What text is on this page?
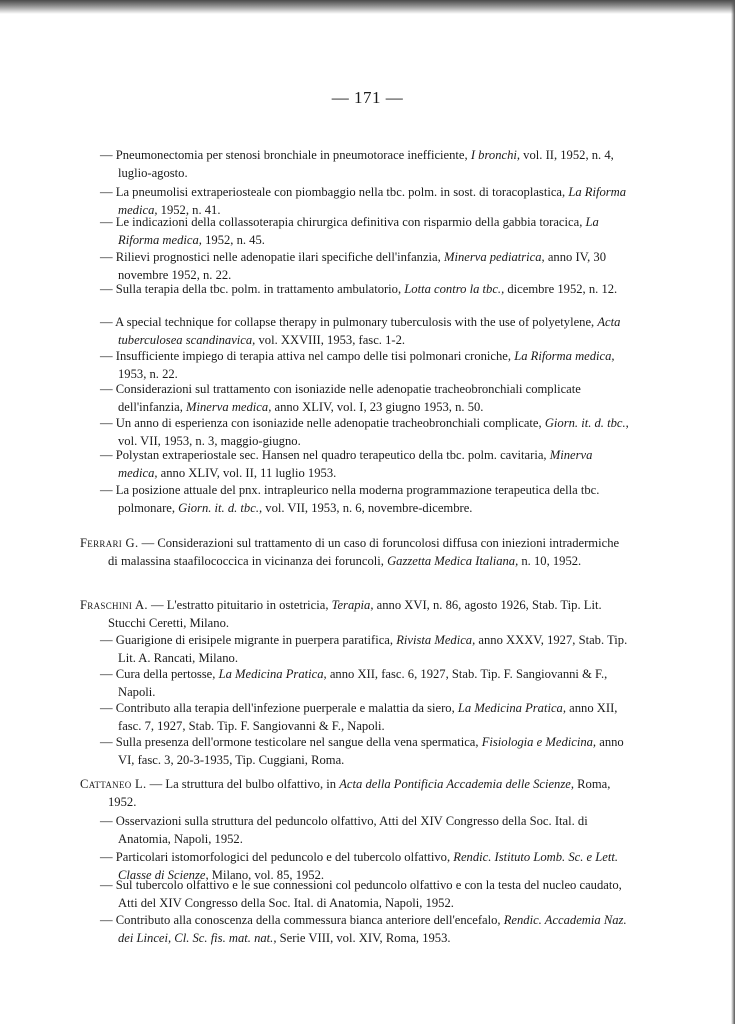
— 171 —
— Pneumonectomia per stenosi bronchiale in pneumotorace inefficiente, I bronchi, vol. II, 1952, n. 4, luglio-agosto.
— La pneumolisi extraperiosteale con piombaggio nella tbc. polm. in sost. di toracoplastica, La Riforma medica, 1952, n. 41.
— Le indicazioni della collassoterapia chirurgica definitiva con risparmio della gabbia toracica, La Riforma medica, 1952, n. 45.
— Rilievi prognostici nelle adenopatie ilari specifiche dell'infanzia, Minerva pediatrica, anno IV, 30 novembre 1952, n. 22.
— Sulla terapia della tbc. polm. in trattamento ambulatorio, Lotta contro la tbc., dicembre 1952, n. 12.
— A special technique for collapse therapy in pulmonary tuberculosis with the use of polyetylene, Acta tuberculosea scandinavica, vol. XXVIII, 1953, fasc. 1-2.
— Insufficiente impiego di terapia attiva nel campo delle tisi polmonari croniche, La Riforma medica, 1953, n. 22.
— Considerazioni sul trattamento con isoniazide nelle adenopatie tracheobronchiali complicate dell'infanzia, Minerva medica, anno XLIV, vol. I, 23 giugno 1953, n. 50.
— Un anno di esperienza con isoniazide nelle adenopatie tracheobronchiali complicate, Giorn. it. d. tbc., vol. VII, 1953, n. 3, maggio-giugno.
— Polystan extraperiostale sec. Hansen nel quadro terapeutico della tbc. polm. cavitaria, Minerva medica, anno XLIV, vol. II, 11 luglio 1953.
— La posizione attuale del pnx. intrapleurico nella moderna programmazione terapeutica della tbc. polmonare, Giorn. it. d. tbc., vol. VII, 1953, n. 6, novembre-dicembre.
Ferrari G. — Considerazioni sul trattamento di un caso di foruncolosi diffusa con iniezioni intradermiche di malassina staafilococcica in vicinanza dei foruncoli, Gazzetta Medica Italiana, n. 10, 1952.
Fraschini A. — L'estratto pituitario in ostetricia, Terapia, anno XVI, n. 86, agosto 1926, Stab. Tip. Lit. Stucchi Ceretti, Milano.
— Guarigione di erisipele migrante in puerpera paratifica, Rivista Medica, anno XXXV, 1927, Stab. Tip. Lit. A. Rancati, Milano.
— Cura della pertosse, La Medicina Pratica, anno XII, fasc. 6, 1927, Stab. Tip. F. Sangiovanni & F., Napoli.
— Contributo alla terapia dell'infezione puerperale e malattia da siero, La Medicina Pratica, anno XII, fasc. 7, 1927, Stab. Tip. F. Sangiovanni & F., Napoli.
— Sulla presenza dell'ormone testicolare nel sangue della vena spermatica, Fisiologia e Medicina, anno VI, fasc. 3, 20-3-1935, Tip. Cuggiani, Roma.
Cattaneo L. — La struttura del bulbo olfattivo, in Acta della Pontificia Accademia delle Scienze, Roma, 1952.
— Osservazioni sulla struttura del peduncolo olfattivo, Atti del XIV Congresso della Soc. Ital. di Anatomia, Napoli, 1952.
— Particolari istomorfologici del peduncolo e del tubercolo olfattivo, Rendic. Istituto Lomb. Sc. e Lett. Classe di Scienze, Milano, vol. 85, 1952.
— Sul tubercolo olfattivo e le sue connessioni col peduncolo olfattivo e con la testa del nucleo caudato, Atti del XIV Congresso della Soc. Ital. di Anatomia, Napoli, 1952.
— Contributo alla conoscenza della commessura bianca anteriore dell'encefalo, Rendic. Accademia Naz. dei Lincei, Cl. Sc. fis. mat. nat., Serie VIII, vol. XIV, Roma, 1953.
